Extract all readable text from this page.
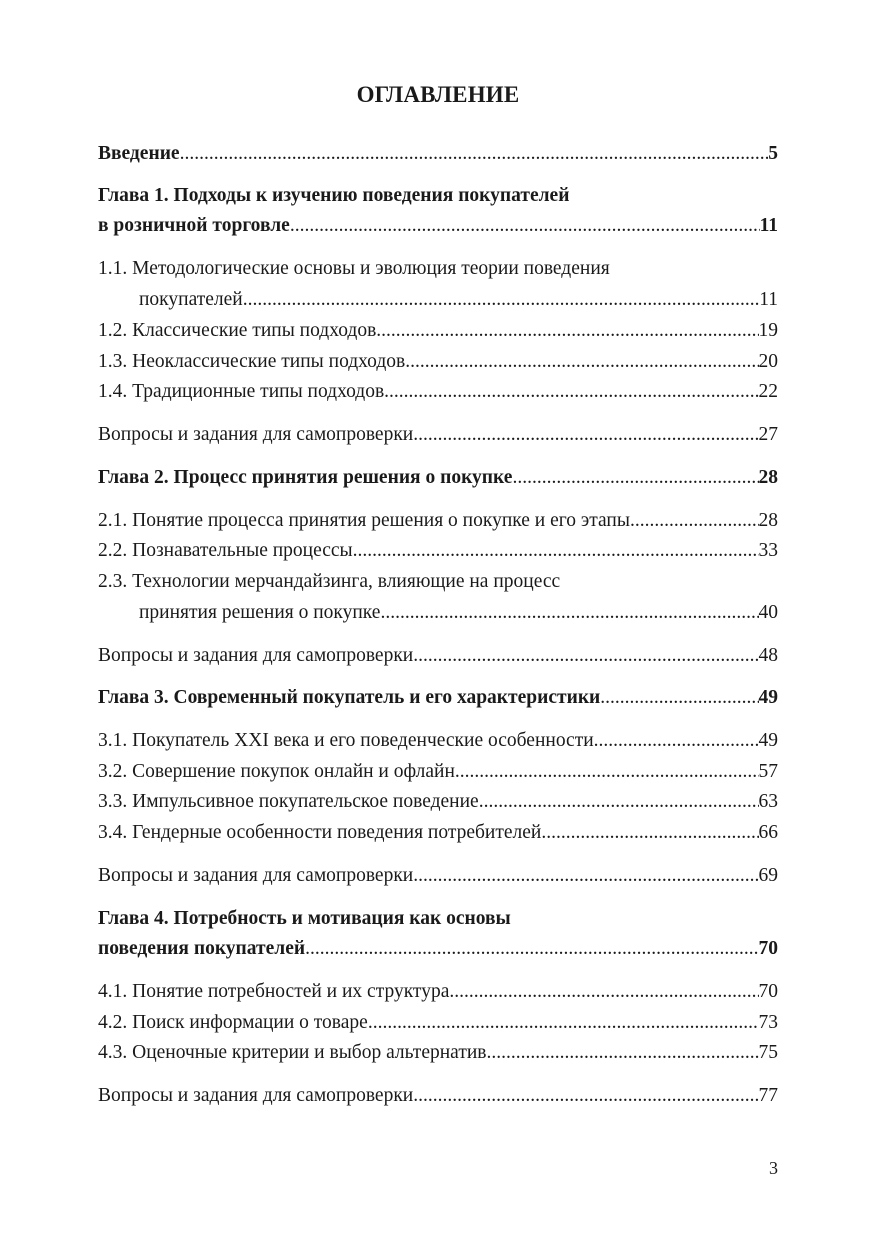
ОГЛАВЛЕНИЕ
Введение .....	5
Глава 1. Подходы к изучению поведения покупателей
в розничной торговле .....	11
1.1. Методологические основы и эволюция теории поведения
покупателей .....	11
1.2. Классические типы подходов .....	19
1.3. Неоклассические типы подходов .....	20
1.4. Традиционные типы подходов .....	22
Вопросы и задания для самопроверки .....	27
Глава 2. Процесс принятия решения о покупке .....	28
2.1. Понятие процесса принятия решения о покупке и его этапы .....	28
2.2. Познавательные процессы .....	33
2.3. Технологии мерчандайзинга, влияющие на процесс
принятия решения о покупке .....	40
Вопросы и задания для самопроверки .....	48
Глава 3. Современный покупатель и его характеристики .....	49
3.1. Покупатель XXI века и его поведенческие особенности .....	49
3.2. Совершение покупок онлайн и офлайн .....	57
3.3. Импульсивное покупательское поведение .....	63
3.4. Гендерные особенности поведения потребителей .....	66
Вопросы и задания для самопроверки .....	69
Глава 4. Потребность и мотивация как основы
поведения покупателей .....	70
4.1. Понятие потребностей и их структура .....	70
4.2. Поиск информации о товаре .....	73
4.3. Оценочные критерии и выбор альтернатив .....	75
Вопросы и задания для самопроверки .....	77
3
